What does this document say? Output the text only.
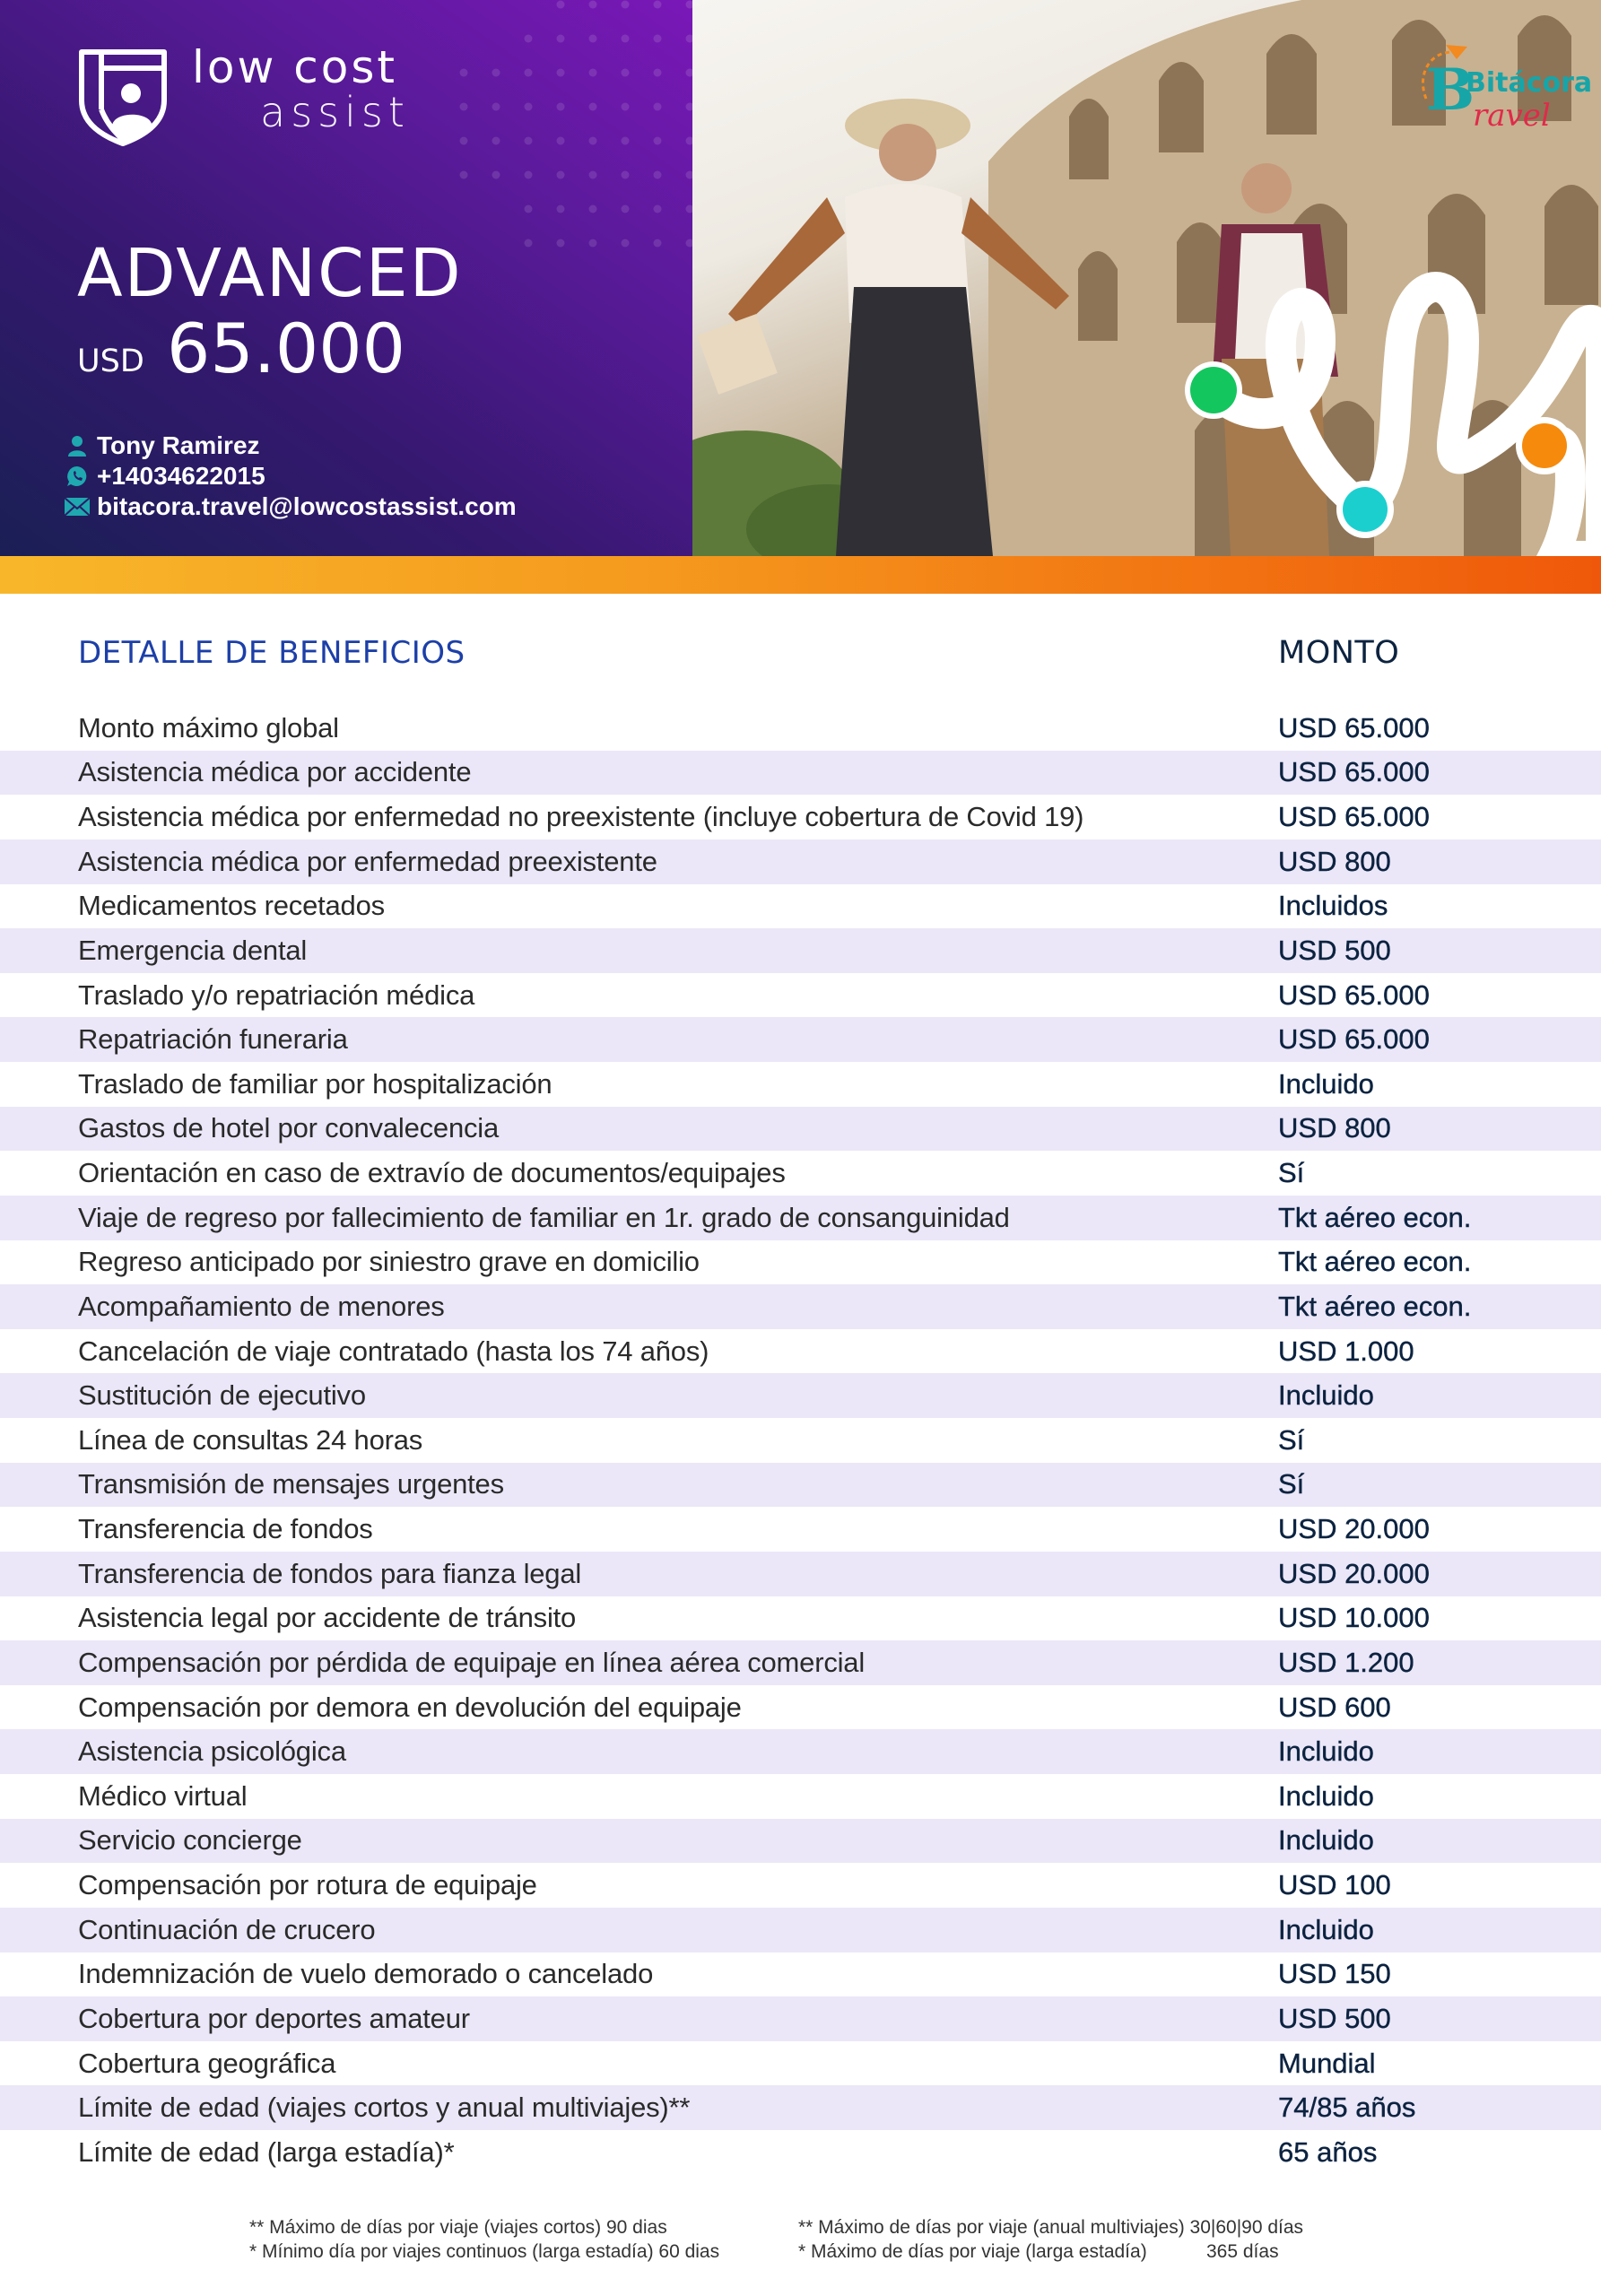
low cost
assist
ADVANCED
USD 65.000
Tony Ramirez
+14034622015
bitacora.travel@lowcostassist.com
B
Bitácora
ravel
DETALLE DE BENEFICIOS	MONTO
Monto máximo global	USD 65.000
Asistencia médica por accidente	USD 65.000
Asistencia médica por enfermedad no preexistente (incluye cobertura de Covid 19)	USD 65.000
Asistencia médica por enfermedad preexistente	USD 800
Medicamentos recetados	Incluidos
Emergencia dental	USD 500
Traslado y/o repatriación médica	USD 65.000
Repatriación funeraria	USD 65.000
Traslado de familiar por hospitalización	Incluido
Gastos de hotel por convalecencia	USD 800
Orientación en caso de extravío de documentos/equipajes	Sí
Viaje de regreso por fallecimiento de familiar en 1r. grado de consanguinidad	Tkt aéreo econ.
Regreso anticipado por siniestro grave en domicilio	Tkt aéreo econ.
Acompañamiento de menores	Tkt aéreo econ.
Cancelación de viaje contratado (hasta los 74 años)	USD 1.000
Sustitución de ejecutivo	Incluido
Línea de consultas 24 horas	Sí
Transmisión de mensajes urgentes	Sí
Transferencia de fondos	USD 20.000
Transferencia de fondos para fianza legal	USD 20.000
Asistencia legal por accidente de tránsito	USD 10.000
Compensación por pérdida de equipaje en línea aérea comercial	USD 1.200
Compensación por demora en devolución del equipaje	USD 600
Asistencia psicológica	Incluido
Médico virtual	Incluido
Servicio concierge	Incluido
Compensación por rotura de equipaje	USD 100
Continuación de crucero	Incluido
Indemnización de vuelo demorado o cancelado	USD 150
Cobertura por deportes amateur	USD 500
Cobertura geográfica	Mundial
Límite de edad (viajes cortos y anual multiviajes)**	74/85 años
Límite de edad (larga estadía)*	65 años
** Máximo de días por viaje (viajes cortos) 90 dias
* Mínimo día por viajes continuos (larga estadía) 60 dias
** Máximo de días por viaje (anual multiviajes) 30|60|90 días
* Máximo de días por viaje (larga estadía)	365 días
